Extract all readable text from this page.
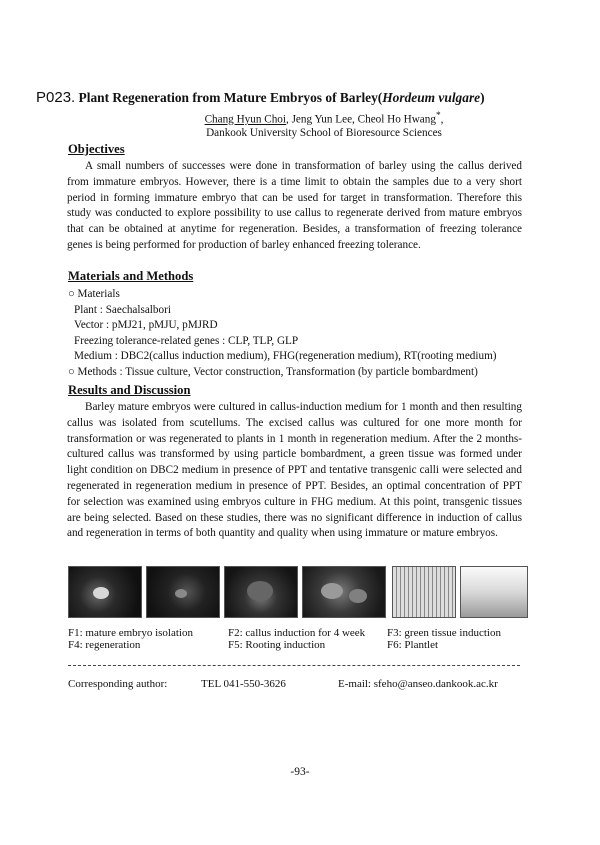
P023. Plant Regeneration from Mature Embryos of Barley(Hordeum vulgare)
Chang Hyun Choi, Jeng Yun Lee, Cheol Ho Hwang*,
Dankook University School of Bioresource Sciences
Objectives

A small numbers of successes were done in transformation of barley using the callus derived from immature embryos. However, there is a time limit to obtain the samples due to a very short period in forming immature embryo that can be used for target in transformation. Therefore this study was conducted to explore possibility to use callus to regenerate derived from mature embryos that can be obtained at anytime for regeneration. Besides, a transformation of freezing tolerance genes is being performed for production of barley enhanced freezing tolerance.

Materials and Methods
○ Materials
Plant : Saechalsalbori
Vector : pMJ21, pMJU, pMJRD
Freezing tolerance-related genes : CLP, TLP, GLP
Medium : DBC2(callus induction medium), FHG(regeneration medium), RT(rooting medium)
○ Methods : Tissue culture, Vector construction, Transformation (by particle bombardment)
Results and Discussion

Barley mature embryos were cultured in callus-induction medium for 1 month and then resulting callus was isolated from scutellums. The excised callus was cultured for one more month for transformation or was regenerated to plants in 1 month in regeneration medium. After the 2 months-cultured callus was transformed by using particle bombardment, a green tissue was formed under light condition on DBC2 medium in presence of PPT and tentative transgenic calli were selected and regenerated in regeneration medium in presence of PPT. Besides, an optimal concentration of PPT for selection was examined using embryos culture in FHG medium. At this point, transgenic tissues are being selected. Based on these studies, there was no significant difference in induction of callus and regeneration in terms of both quantity and quality when using immature or mature embryos.

F1: mature embryo isolation	F2: callus induction for 4 week F3: green tissue induction
F4: regeneration	F5: Rooting induction	F6: Plantlet
Corresponding author:	TEL 041-550-3626	E-mail: sfeho@anseo.dankook.ac.kr
-93-
